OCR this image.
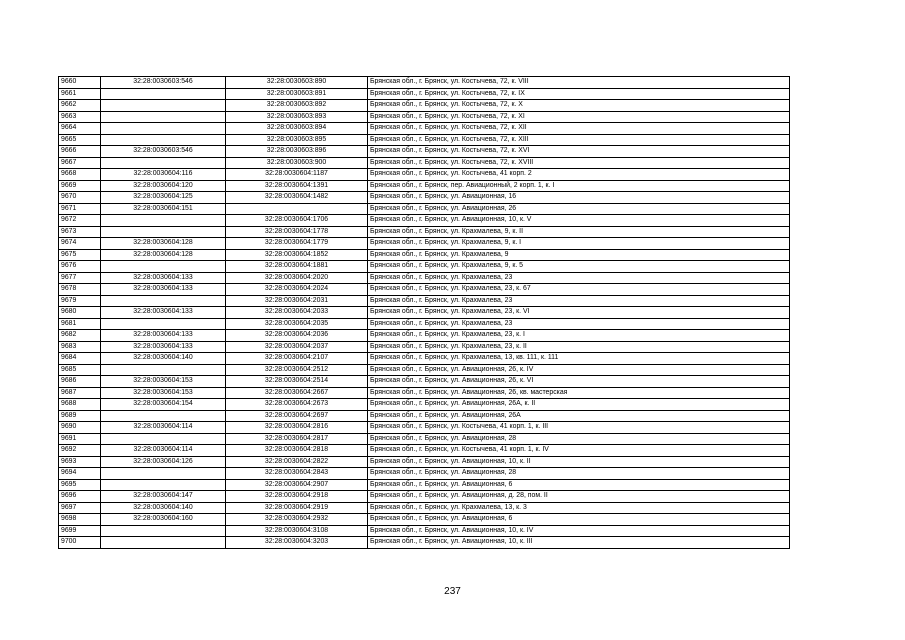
9660	32:28:0030603:546	32:28:0030603:890	Брянская обл., г. Брянск, ул. Костычева, 72, к. VIII
9661		32:28:0030603:891	Брянская обл., г. Брянск, ул. Костычева, 72, к. IX
9662		32:28:0030603:892	Брянская обл., г. Брянск, ул. Костычева, 72, к. X
9663		32:28:0030603:893	Брянская обл., г. Брянск, ул. Костычева, 72, к. XI
9664		32:28:0030603:894	Брянская обл., г. Брянск, ул. Костычева, 72, к. XII
9665		32:28:0030603:895	Брянская обл., г. Брянск, ул. Костычева, 72, к. XIII
9666	32:28:0030603:546	32:28:0030603:896	Брянская обл., г. Брянск, ул. Костычева, 72, к. XVI
9667		32:28:0030603:900	Брянская обл., г. Брянск, ул. Костычева, 72, к. XVIII
9668	32:28:0030604:116	32:28:0030604:1187	Брянская обл., г. Брянск, ул. Костычева, 41 корп. 2
9669	32:28:0030604:120	32:28:0030604:1391	Брянская обл., г. Брянск, пер. Авиационный, 2 корп. 1, к. I
9670	32:28:0030604:125	32:28:0030604:1482	Брянская обл., г. Брянск, ул. Авиационная, 16
9671	32:28:0030604:151		Брянская обл., г. Брянск, ул. Авиационная, 26
9672		32:28:0030604:1706	Брянская обл., г. Брянск, ул. Авиационная, 10, к. V
9673		32:28:0030604:1778	Брянская обл., г. Брянск, ул. Крахмалева, 9, к. II
9674	32:28:0030604:128	32:28:0030604:1779	Брянская обл., г. Брянск, ул. Крахмалева, 9, к. I
9675	32:28:0030604:128	32:28:0030604:1852	Брянская обл., г. Брянск, ул. Крахмалева, 9
9676		32:28:0030604:1881	Брянская обл., г. Брянск, ул. Крахмалева, 9, к. 5
9677	32:28:0030604:133	32:28:0030604:2020	Брянская обл., г. Брянск, ул. Крахмалева, 23
9678	32:28:0030604:133	32:28:0030604:2024	Брянская обл., г. Брянск, ул. Крахмалева, 23, к. 67
9679		32:28:0030604:2031	Брянская обл., г. Брянск, ул. Крахмалева, 23
9680	32:28:0030604:133	32:28:0030604:2033	Брянская обл., г. Брянск, ул. Крахмалева, 23, к. VI
9681		32:28:0030604:2035	Брянская обл., г. Брянск, ул. Крахмалева, 23
9682	32:28:0030604:133	32:28:0030604:2036	Брянская обл., г. Брянск, ул. Крахмалева, 23, к. I
9683	32:28:0030604:133	32:28:0030604:2037	Брянская обл., г. Брянск, ул. Крахмалева, 23, к. II
9684	32:28:0030604:140	32:28:0030604:2107	Брянская обл., г. Брянск, ул. Крахмалева, 13, кв. 111, к. 111
9685		32:28:0030604:2512	Брянская обл., г. Брянск, ул. Авиационная, 26, к. IV
9686	32:28:0030604:153	32:28:0030604:2514	Брянская обл., г. Брянск, ул. Авиационная, 26, к. VI
9687	32:28:0030604:153	32:28:0030604:2667	Брянская обл., г. Брянск, ул. Авиационная, 26, кв. мастерская
9688	32:28:0030604:154	32:28:0030604:2673	Брянская обл., г. Брянск, ул. Авиационная, 26А, к. II
9689		32:28:0030604:2697	Брянская обл., г. Брянск, ул. Авиационная, 26А
9690	32:28:0030604:114	32:28:0030604:2816	Брянская обл., г. Брянск, ул. Костычева, 41 корп. 1, к. III
9691		32:28:0030604:2817	Брянская обл., г. Брянск, ул. Авиационная, 28
9692	32:28:0030604:114	32:28:0030604:2818	Брянская обл., г. Брянск, ул. Костычева, 41 корп. 1, к. IV
9693	32:28:0030604:126	32:28:0030604:2822	Брянская обл., г. Брянск, ул. Авиационная, 10, к. II
9694		32:28:0030604:2843	Брянская обл., г. Брянск, ул. Авиационная, 28
9695		32:28:0030604:2907	Брянская обл., г. Брянск, ул. Авиационная, 6
9696	32:28:0030604:147	32:28:0030604:2918	Брянская обл., г. Брянск, ул. Авиационная, д. 28, пом. II
9697	32:28:0030604:140	32:28:0030604:2919	Брянская обл., г. Брянск, ул. Крахмалева, 13, к. 3
9698	32:28:0030604:160	32:28:0030604:2932	Брянская обл., г. Брянск, ул. Авиационная, 6
9699		32:28:0030604:3108	Брянская обл., г. Брянск, ул. Авиационная, 10, к. IV
9700		32:28:0030604:3203	Брянская обл., г. Брянск, ул. Авиационная, 10, к. III
237
